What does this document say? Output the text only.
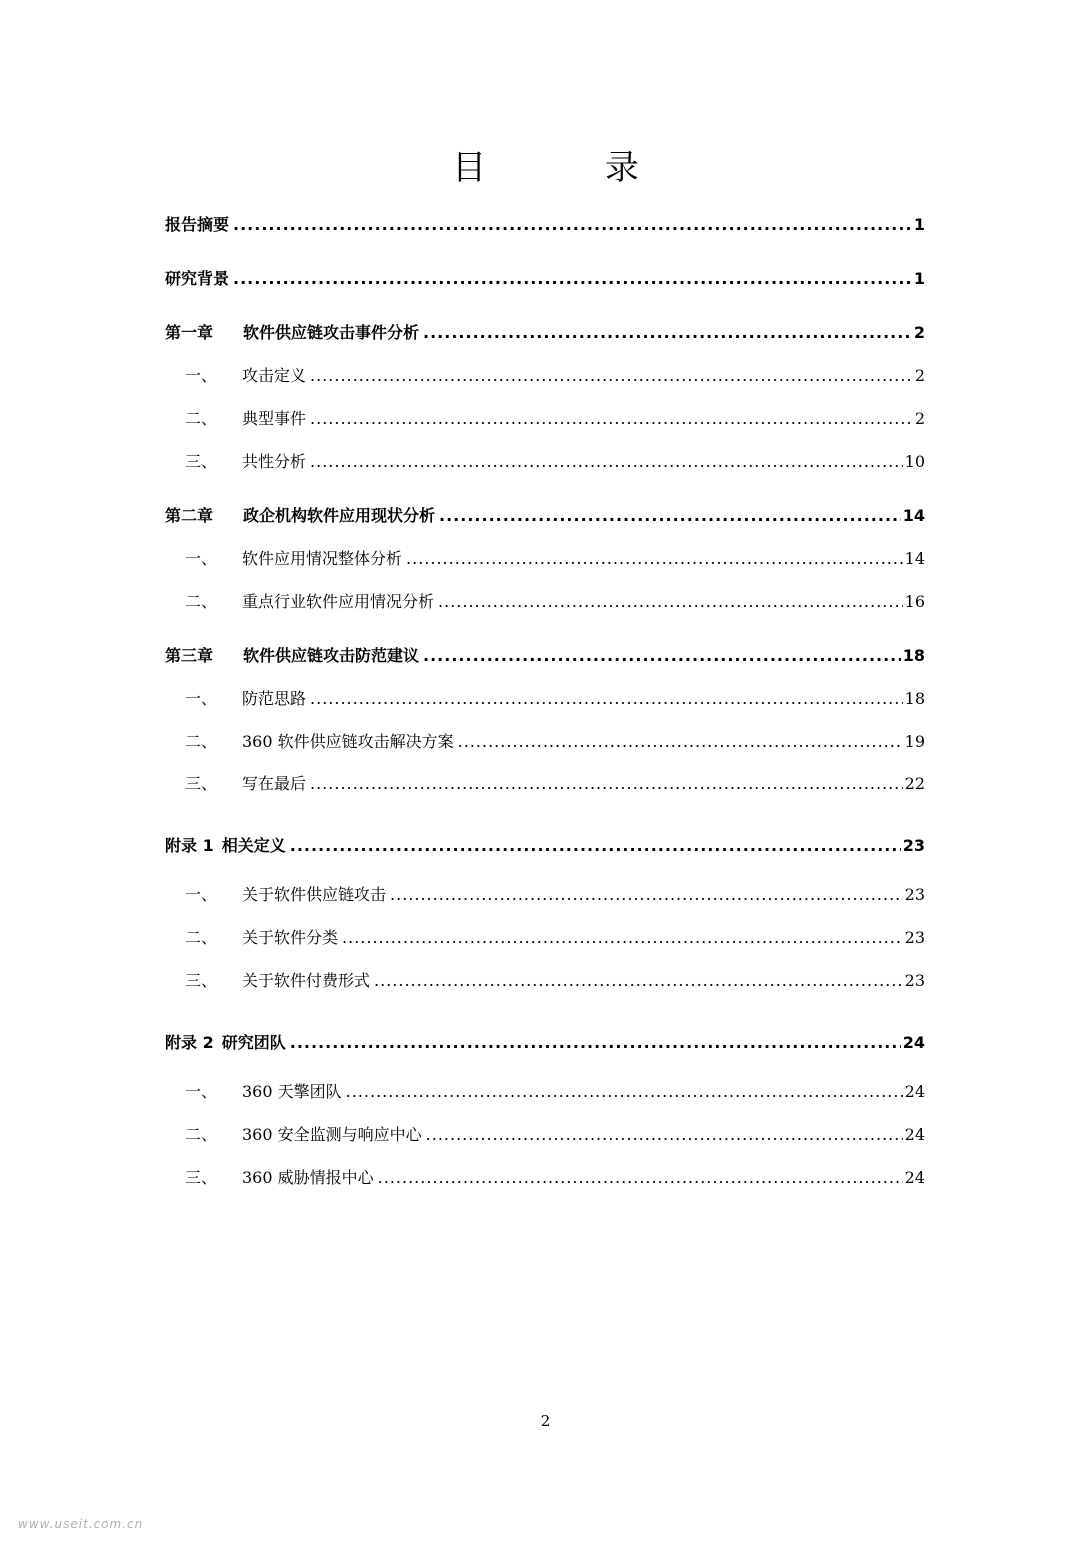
目 录
报告摘要 .....	1
研究背景 .....	1
第一章	软件供应链攻击事件分析 .....	2
一、	攻击定义 .....	2
二、	典型事件 .....	2
三、	共性分析 .....	10
第二章	政企机构软件应用现状分析 .....	14
一、	软件应用情况整体分析 .....	14
二、	重点行业软件应用情况分析 .....	16
第三章	软件供应链攻击防范建议 .....	18
一、	防范思路 .....	18
二、	360 软件供应链攻击解决方案 .....	19
三、	写在最后 .....	22
附录 1 相关定义 .....	23
一、	关于软件供应链攻击 .....	23
二、	关于软件分类 .....	23
三、	关于软件付费形式 .....	23
附录 2 研究团队 .....	24
一、	360 天擎团队 .....	24
二、	360 安全监测与响应中心 .....	24
三、	360 威胁情报中心 .....	24
2
www.useit.com.cn
